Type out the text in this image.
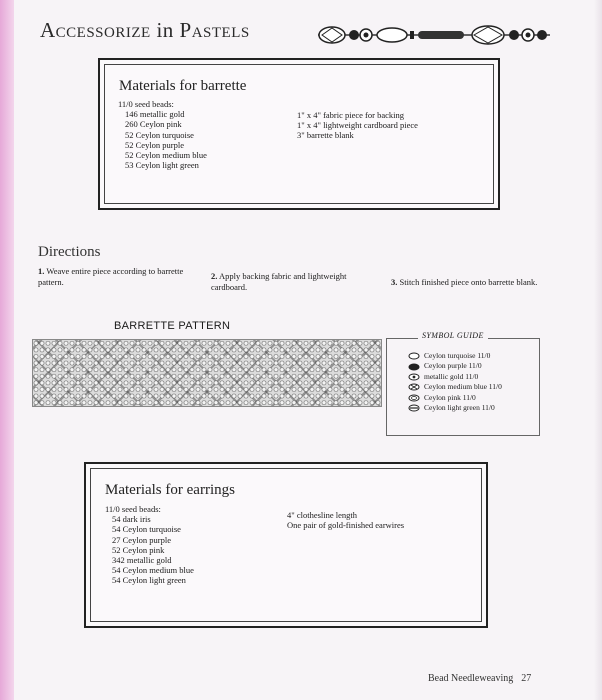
Accessorize in Pastels
Materials for barrette
11/0 seed beads:
146 metallic gold
260 Ceylon pink
52 Ceylon turquoise
52 Ceylon purple
52 Ceylon medium blue
53 Ceylon light green
1" x 4" fabric piece for backing
1" x 4" lightweight cardboard piece
3" barrette blank
Directions
1. Weave entire piece according to barrette pattern.
2. Apply backing fabric and lightweight cardboard.	3. Stitch finished piece onto barrette blank.
BARRETTE PATTERN
SYMBOL GUIDE
Ceylon turquoise 11/0
Ceylon purple 11/0
metallic gold 11/0
Ceylon medium blue 11/0
Ceylon pink 11/0
Ceylon light green 11/0
Materials for earrings
11/0 seed beads:
54 dark iris
54 Ceylon turquoise
27 Ceylon purple
52 Ceylon pink
342 metallic gold
54 Ceylon medium blue
54 Ceylon light green
4" clothesline length
One pair of gold-finished earwires
Bead Needleweaving 27
